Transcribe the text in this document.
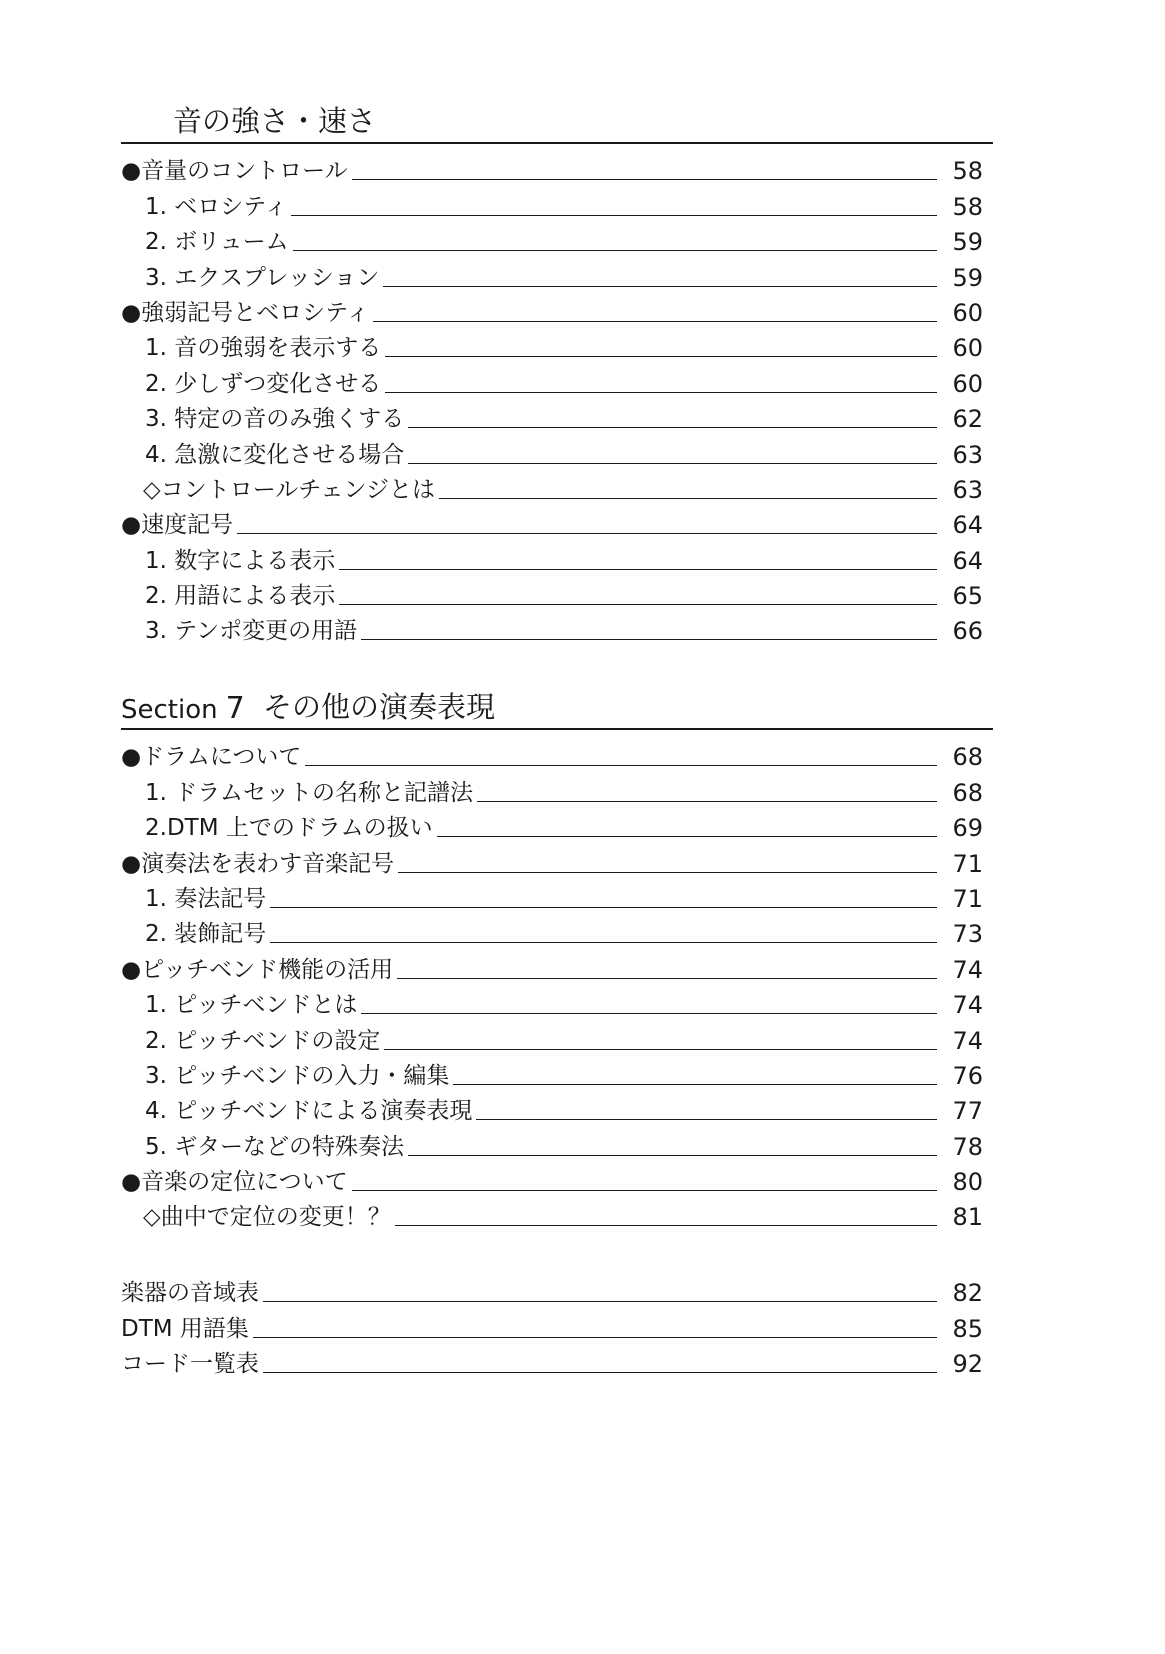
音の強さ・速さ
●音量のコントロール	58
1. ベロシティ	58
2. ボリューム	59
3. エクスプレッション	59
●強弱記号とベロシティ	60
1. 音の強弱を表示する	60
2. 少しずつ変化させる	60
3. 特定の音のみ強くする	62
4. 急激に変化させる場合	63
◇コントロールチェンジとは	63
●速度記号	64
1. 数字による表示	64
2. 用語による表示	65
3. テンポ変更の用語	66
Section 7 その他の演奏表現
●ドラムについて	68
1. ドラムセットの名称と記譜法	68
2.DTM 上でのドラムの扱い	69
●演奏法を表わす音楽記号	71
1. 奏法記号	71
2. 装飾記号	73
●ピッチベンド機能の活用	74
1. ピッチベンドとは	74
2. ピッチベンドの設定	74
3. ピッチベンドの入力・編集	76
4. ピッチベンドによる演奏表現	77
5. ギターなどの特殊奏法	78
●音楽の定位について	80
◇曲中で定位の変更！？	81
楽器の音域表	82
DTM 用語集	85
コード一覧表	92
